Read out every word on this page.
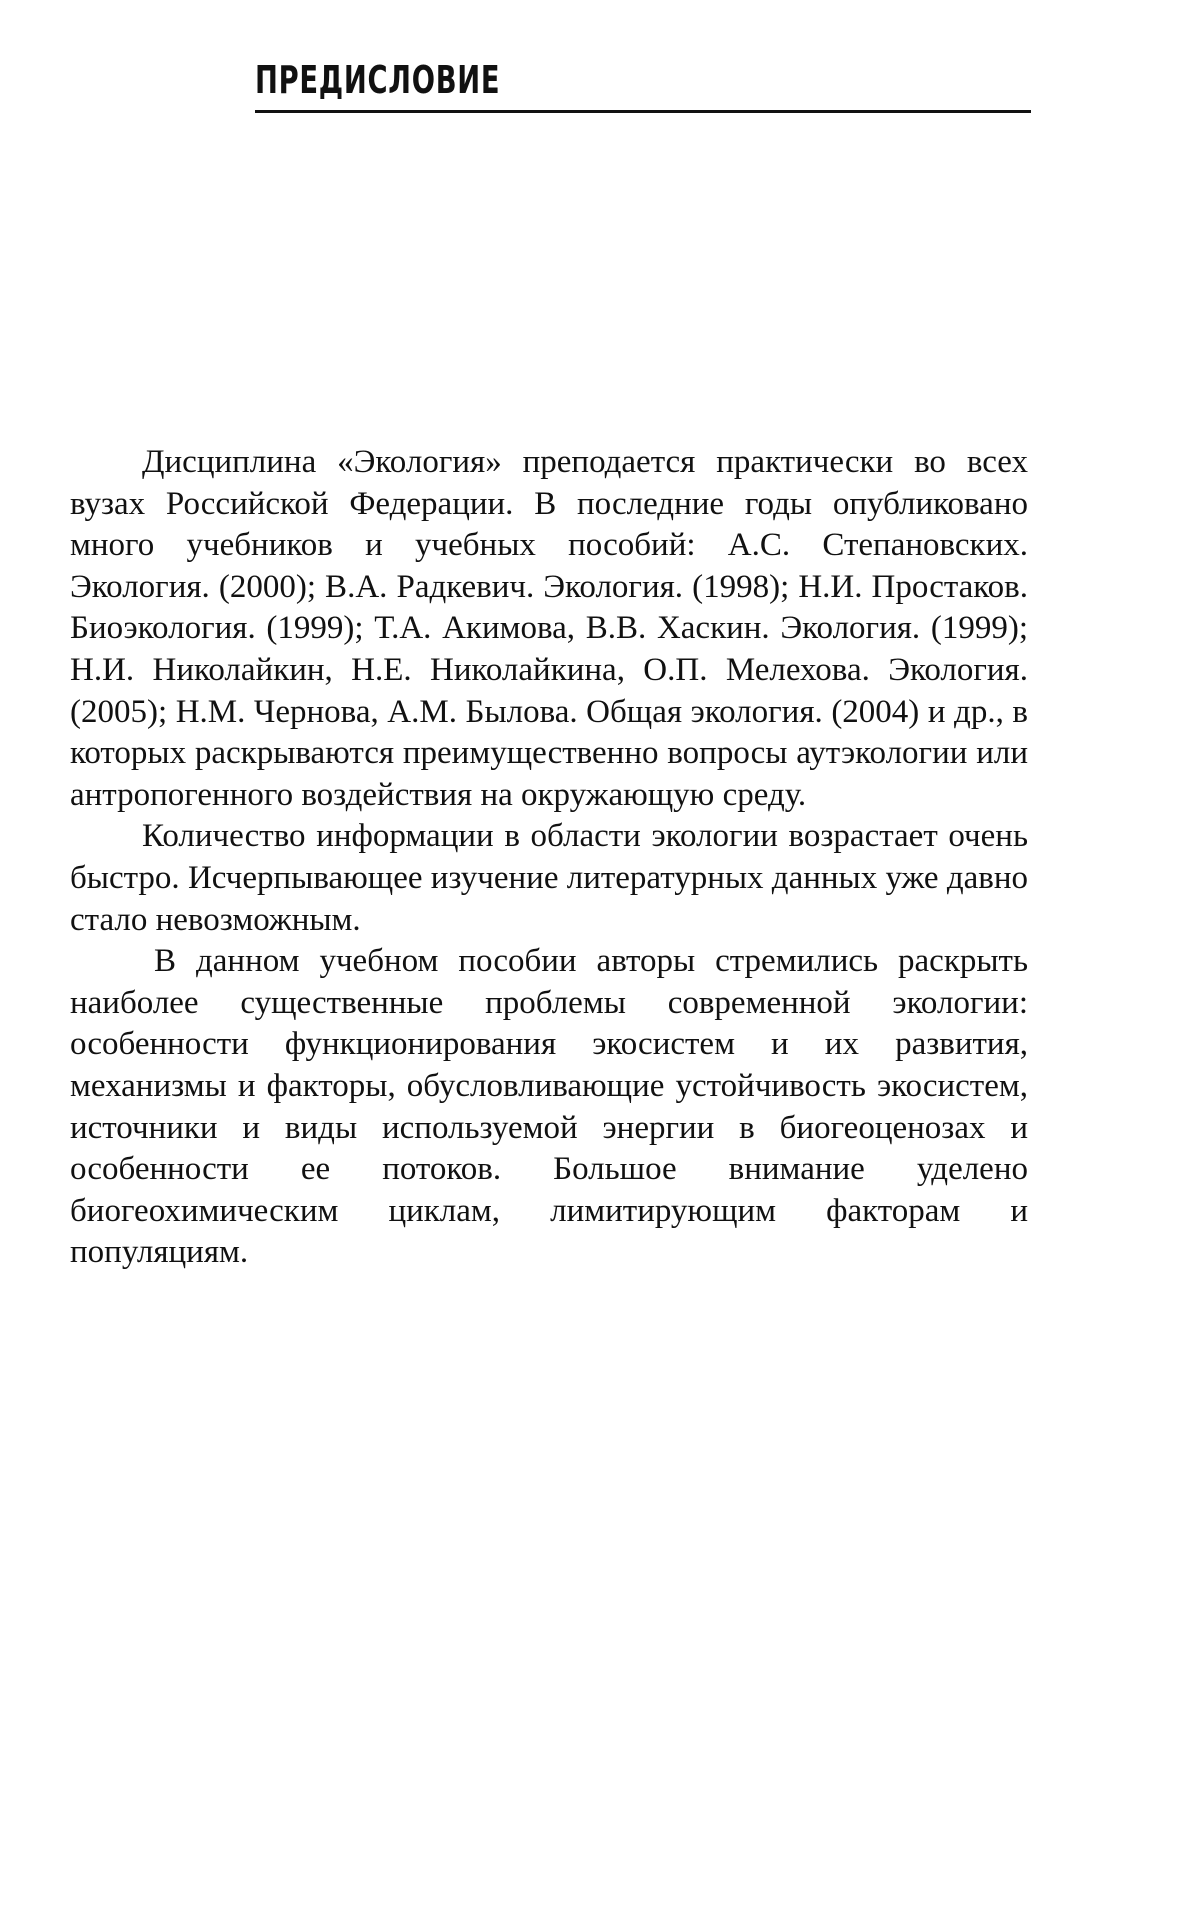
ПРЕДИСЛОВИЕ

Дисциплина «Экология» преподается практически во всех вузах Российской Федерации. В последние годы опубликовано много учебников и учебных пособий: А.С. Степановских. Экология. (2000); В.А. Радкевич. Экология. (1998); Н.И. Простаков. Биоэкология. (1999); Т.А. Акимова, В.В. Хаскин. Экология. (1999); Н.И. Николайкин, Н.Е. Николайкина, О.П. Мелехова. Экология. (2005); Н.М. Чернова, А.М. Былова. Общая экология. (2004) и др., в которых раскрываются преимущественно вопросы аутэкологии или антропогенного воздействия на окружающую среду.

Количество информации в области экологии возрастает очень быстро. Исчерпывающее изучение литературных данных уже давно стало невозможным.

В данном учебном пособии авторы стремились раскрыть наиболее существенные проблемы современной экологии: особенности функционирования экосистем и их развития, механизмы и факторы, обусловливающие устойчивость экосистем, источники и виды используемой энергии в биогеоценозах и особенности ее потоков. Большое внимание уделено биогеохимическим циклам, лимитирующим факторам и популяциям.
